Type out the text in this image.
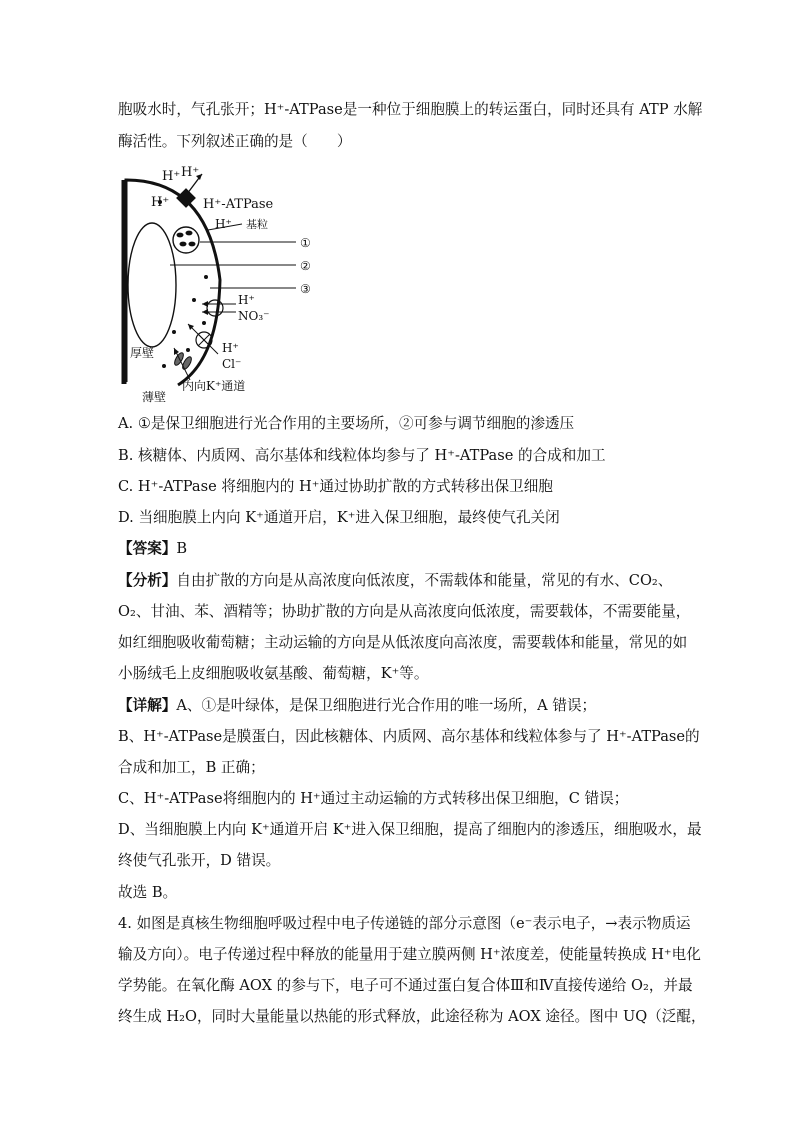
胞吸水时，气孔张开；H⁺-ATPase是一种位于细胞膜上的转运蛋白，同时还具有 ATP 水解
酶活性。下列叙述正确的是（　　）
H⁺ H⁺
H⁺	H⁺-ATPase
H⁺ 基粒
①
②
③
H⁺
NO₃⁻
H⁺
Cl⁻
厚壁
内向K⁺通道
薄壁
A. ①是保卫细胞进行光合作用的主要场所，②可参与调节细胞的渗透压
B. 核糖体、内质网、高尔基体和线粒体均参与了 H⁺-ATPase 的合成和加工
C. H⁺-ATPase 将细胞内的 H⁺通过协助扩散的方式转移出保卫细胞
D. 当细胞膜上内向 K⁺通道开启，K⁺进入保卫细胞，最终使气孔关闭
【答案】B
【分析】自由扩散的方向是从高浓度向低浓度，不需载体和能量，常见的有水、CO₂、
O₂、甘油、苯、酒精等；协助扩散的方向是从高浓度向低浓度，需要载体，不需要能量，
如红细胞吸收葡萄糖；主动运输的方向是从低浓度向高浓度，需要载体和能量，常见的如
小肠绒毛上皮细胞吸收氨基酸、葡萄糖，K⁺等。
【详解】A、①是叶绿体，是保卫细胞进行光合作用的唯一场所，A 错误；
B、H⁺-ATPase是膜蛋白，因此核糖体、内质网、高尔基体和线粒体参与了 H⁺-ATPase的
合成和加工，B 正确；
C、H⁺-ATPase将细胞内的 H⁺通过主动运输的方式转移出保卫细胞，C 错误；
D、当细胞膜上内向 K⁺通道开启 K⁺进入保卫细胞，提高了细胞内的渗透压，细胞吸水，最
终使气孔张开，D 错误。
故选 B。
4. 如图是真核生物细胞呼吸过程中电子传递链的部分示意图（e⁻表示电子，→表示物质运
输及方向）。电子传递过程中释放的能量用于建立膜两侧 H⁺浓度差，使能量转换成 H⁺电化
学势能。在氧化酶 AOX 的参与下，电子可不通过蛋白复合体Ⅲ和Ⅳ直接传递给 O₂，并最
终生成 H₂O，同时大量能量以热能的形式释放，此途径称为 AOX 途径。图中 UQ（泛醌，
